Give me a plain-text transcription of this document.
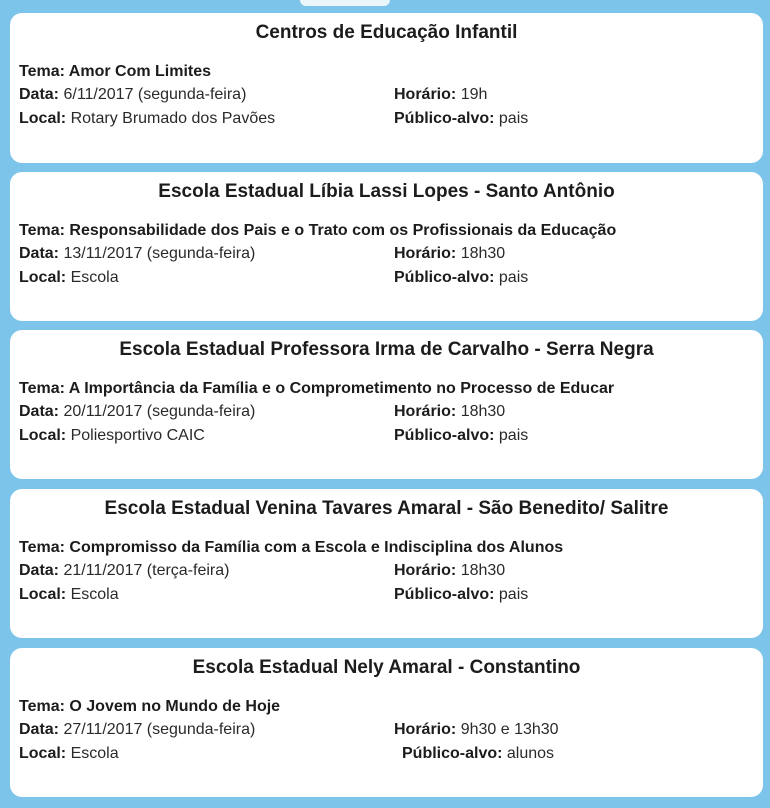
Centros de Educação Infantil
Tema: Amor Com Limites
Data: 6/11/2017 (segunda-feira)	Horário: 19h
Local: Rotary Brumado dos Pavões	Público-alvo: pais
Escola Estadual Líbia Lassi Lopes - Santo Antônio
Tema: Responsabilidade dos Pais e o Trato com os Profissionais da Educação
Data: 13/11/2017 (segunda-feira)	Horário: 18h30
Local: Escola	Público-alvo: pais
Escola Estadual Professora Irma de Carvalho - Serra Negra
Tema: A Importância da Família e o Comprometimento no Processo de Educar
Data: 20/11/2017 (segunda-feira)	Horário: 18h30
Local: Poliesportivo CAIC	Público-alvo: pais
Escola Estadual Venina Tavares Amaral - São Benedito/ Salitre
Tema: Compromisso da Família com a Escola e Indisciplina dos Alunos
Data: 21/11/2017 (terça-feira)	Horário: 18h30
Local: Escola	Público-alvo: pais
Escola Estadual Nely Amaral - Constantino
Tema: O Jovem no Mundo de Hoje
Data: 27/11/2017 (segunda-feira)	Horário: 9h30 e 13h30
Local: Escola	Público-alvo: alunos
